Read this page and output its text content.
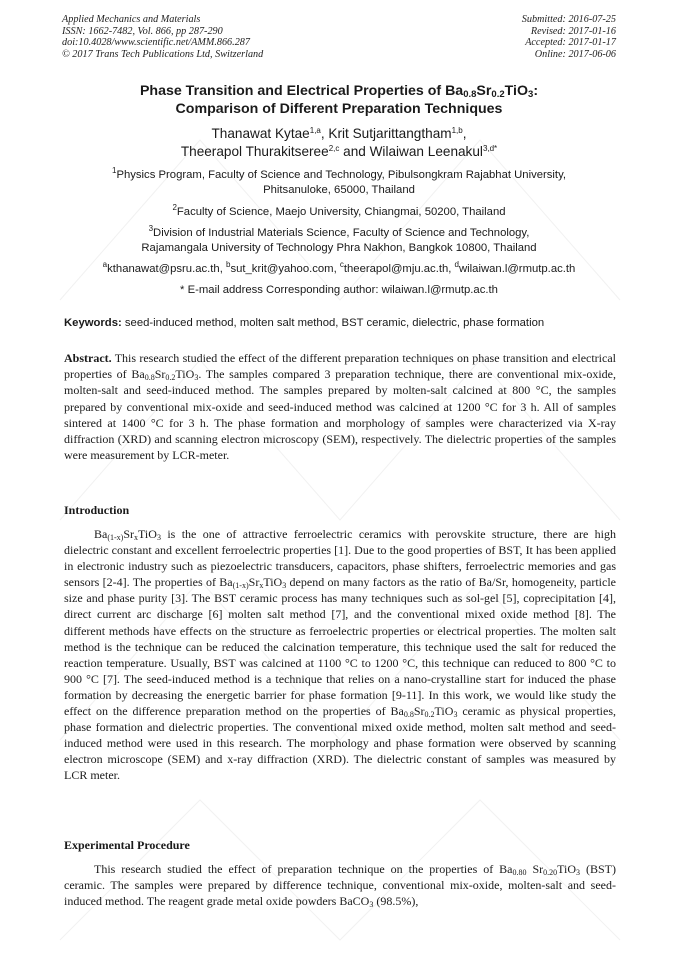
Applied Mechanics and Materials
ISSN: 1662-7482, Vol. 866, pp 287-290
doi:10.4028/www.scientific.net/AMM.866.287
© 2017 Trans Tech Publications Ltd, Switzerland
Submitted: 2016-07-25
Revised: 2017-01-16
Accepted: 2017-01-17
Online: 2017-06-06
Phase Transition and Electrical Properties of $Ba_{0.8}Sr_{0.2}TiO_3$:
Comparison of Different Preparation Techniques
Thanawat Kytae$^{1,a}$, Krit Sutjarittangtham$^{1,b}$,
Theerapol Thurakitseree$^{2,c}$ and Wilaiwan Leenakul$^{3,d*}$
$^1$Physics Program, Faculty of Science and Technology, Pibulsongkram Rajabhat University,
Phitsanuloke, 65000, Thailand
$^2$Faculty of Science, Maejo University, Chiangmai, 50200, Thailand
$^3$Division of Industrial Materials Science, Faculty of Science and Technology,
Rajamangala University of Technology Phra Nakhon, Bangkok 10800, Thailand
$^a$kthanawat@psru.ac.th, $^b$sut_krit@yahoo.com, $^c$theerapol@mju.ac.th, $^d$wilaiwan.l@rmutp.ac.th
* E-mail address Corresponding author: wilaiwan.l@rmutp.ac.th
Keywords: seed-induced method, molten salt method, BST ceramic, dielectric, phase formation
Abstract. This research studied the effect of the different preparation techniques on phase transition and electrical properties of $Ba_{0.8}Sr_{0.2}TiO_3$. The samples compared 3 preparation technique, there are conventional mix-oxide, molten-salt and seed-induced method. The samples prepared by molten-salt calcined at 800 °C, the samples prepared by conventional mix-oxide and seed-induced method was calcined at 1200 °C for 3 h. All of samples sintered at 1400 °C for 3 h. The phase formation and morphology of samples were characterized via X-ray diffraction (XRD) and scanning electron microscopy (SEM), respectively. The dielectric properties of the samples were measurement by LCR-meter.
Introduction
$Ba_{(1-x)}Sr_xTiO_3$ is the one of attractive ferroelectric ceramics with perovskite structure, there are high dielectric constant and excellent ferroelectric properties [1]. Due to the good properties of BST, It has been applied in electronic industry such as piezoelectric transducers, capacitors, phase shifters, ferroelectric memories and gas sensors [2-4]. The properties of $Ba_{(1-x)}Sr_xTiO_3$ depend on many factors as the ratio of Ba/Sr, homogeneity, particle size and phase purity [3]. The BST ceramic process has many techniques such as sol-gel [5], coprecipitation [4], direct current arc discharge [6] molten salt method [7], and the conventional mixed oxide method [8]. The different methods have effects on the structure as ferroelectric properties or electrical properties. The molten salt method is the technique can be reduced the calcination temperature, this technique used the salt for reduced the reaction temperature. Usually, BST was calcined at 1100 °C to 1200 °C, this technique can reduced to 800 °C to 900 °C [7]. The seed-induced method is a technique that relies on a nano-crystalline start for induced the phase formation by decreasing the energetic barrier for phase formation [9-11]. In this work, we would like study the effect on the difference preparation method on the properties of $Ba_{0.8}Sr_{0.2}TiO_3$ ceramic as physical properties, phase formation and dielectric properties. The conventional mixed oxide method, molten salt method and seed-induced method were used in this research. The morphology and phase formation were observed by scanning electron microscope (SEM) and x-ray diffraction (XRD). The dielectric constant of samples was measured by LCR meter.
Experimental Procedure
This research studied the effect of preparation technique on the properties of $Ba_{0.80}$ $Sr_{0.20}TiO_3$ (BST) ceramic. The samples were prepared by difference technique, conventional mix-oxide, molten-salt and seed-induced method. The reagent grade metal oxide powders BaCO$_3$ (98.5%),
